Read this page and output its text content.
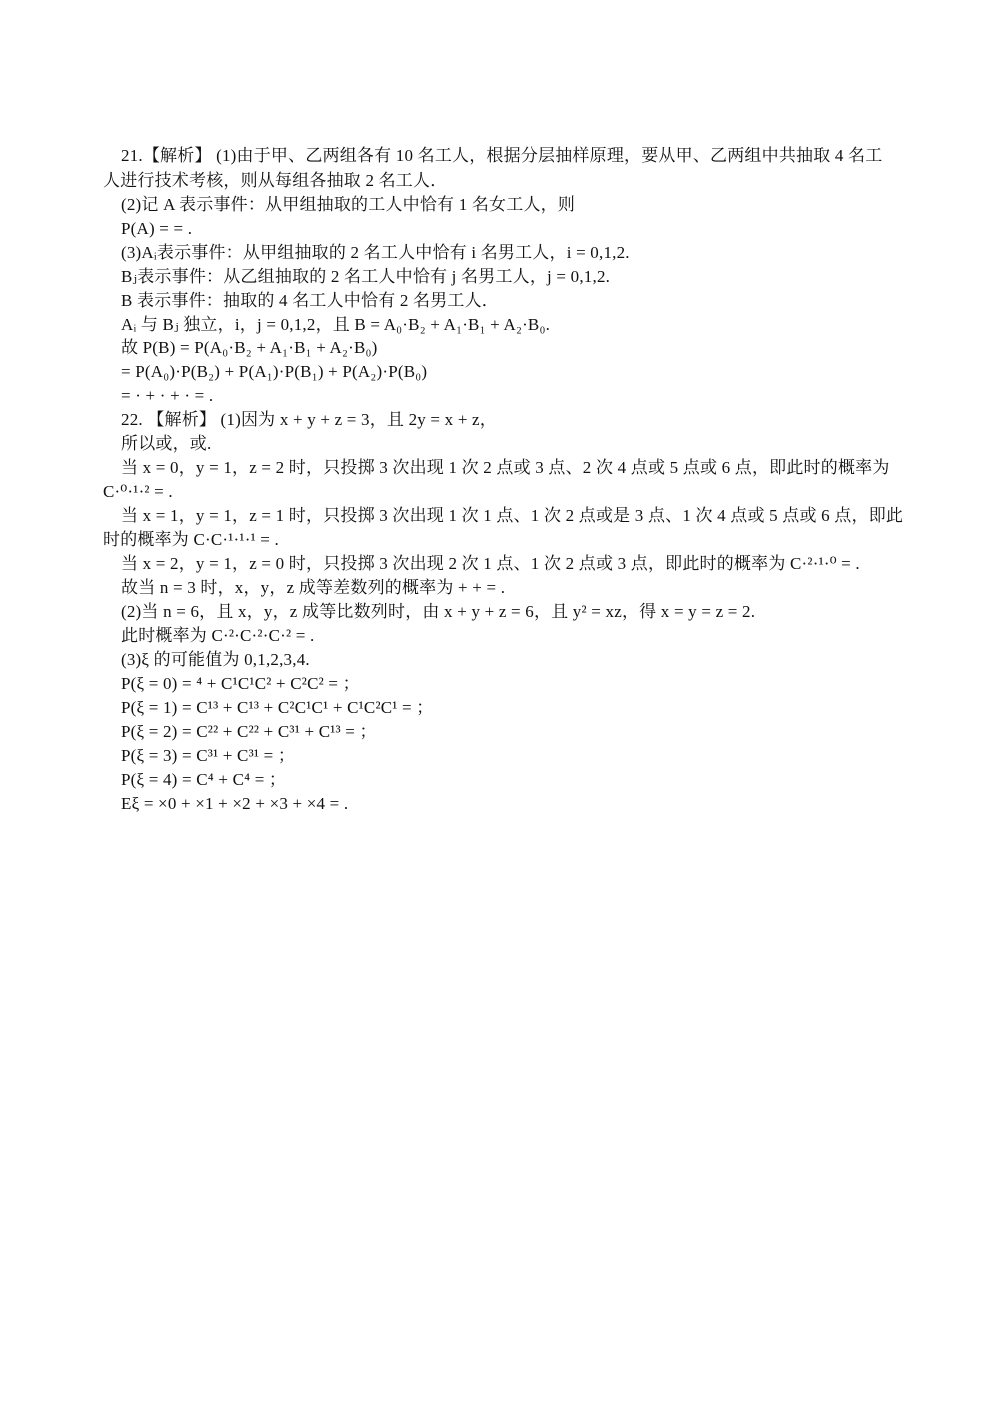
21.【解析】 (1)由于甲、乙两组各有 10 名工人，根据分层抽样原理，要从甲、乙两组中共抽取 4 名工
人进行技术考核，则从每组各抽取 2 名工人．
(2)记 A 表示事件：从甲组抽取的工人中恰有 1 名女工人，则
P(A) = = .
(3)Aᵢ表示事件：从甲组抽取的 2 名工人中恰有 i 名男工人，i = 0,1,2.
Bⱼ表示事件：从乙组抽取的 2 名工人中恰有 j 名男工人，j = 0,1,2.
B 表示事件：抽取的 4 名工人中恰有 2 名男工人．
Aᵢ 与 Bⱼ 独立，i，j = 0,1,2，且 B = A₀·B₂ + A₁·B₁ + A₂·B₀.
故 P(B) = P(A₀·B₂ + A₁·B₁ + A₂·B₀)
= P(A₀)·P(B₂) + P(A₁)·P(B₁) + P(A₂)·P(B₀)
= · + · + · = .
22. 【解析】 (1)因为 x + y + z = 3，且 2y = x + z，
所以或，或.
当 x = 0，y = 1，z = 2 时，只投掷 3 次出现 1 次 2 点或 3 点、2 次 4 点或 5 点或 6 点，即此时的概率为
C·⁰·¹·² = .
当 x = 1，y = 1，z = 1 时，只投掷 3 次出现 1 次 1 点、1 次 2 点或是 3 点、1 次 4 点或 5 点或 6 点，即此
时的概率为 C·C·¹·¹·¹ = .
当 x = 2，y = 1，z = 0 时，只投掷 3 次出现 2 次 1 点、1 次 2 点或 3 点，即此时的概率为 C·²·¹·⁰ = .
故当 n = 3 时，x，y，z 成等差数列的概率为 + + = .
(2)当 n = 6，且 x，y，z 成等比数列时，由 x + y + z = 6，且 y² = xz，得 x = y = z = 2.
此时概率为 C·²·C·²·C·² = .
(3)ξ 的可能值为 0,1,2,3,4.
P(ξ = 0) = ⁴ + C¹C¹C² + C²C² = ；
P(ξ = 1) = C¹³ + C¹³ + C²C¹C¹ + C¹C²C¹ = ；
P(ξ = 2) = C²² + C²² + C³¹ + C¹³ = ；
P(ξ = 3) = C³¹ + C³¹ = ；
P(ξ = 4) = C⁴ + C⁴ = ；
Eξ = ×0 + ×1 + ×2 + ×3 + ×4 = .
